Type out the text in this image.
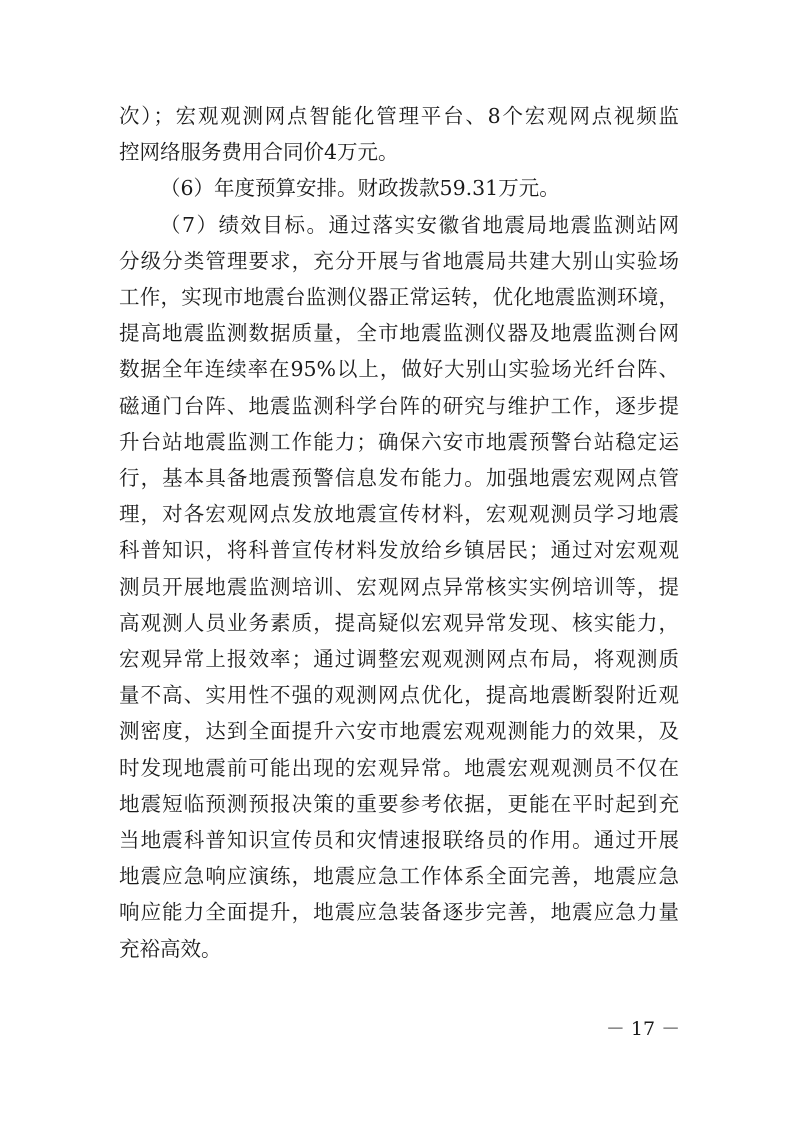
次）；宏观观测网点智能化管理平台、8个宏观网点视频监
控网络服务费用合同价4万元。
（6）年度预算安排。财政拨款59.31万元。
（7）绩效目标。通过落实安徽省地震局地震监测站网
分级分类管理要求，充分开展与省地震局共建大别山实验场
工作，实现市地震台监测仪器正常运转，优化地震监测环境，
提高地震监测数据质量，全市地震监测仪器及地震监测台网
数据全年连续率在95%以上，做好大别山实验场光纤台阵、
磁通门台阵、地震监测科学台阵的研究与维护工作，逐步提
升台站地震监测工作能力；确保六安市地震预警台站稳定运
行，基本具备地震预警信息发布能力。加强地震宏观网点管
理，对各宏观网点发放地震宣传材料，宏观观测员学习地震
科普知识，将科普宣传材料发放给乡镇居民；通过对宏观观
测员开展地震监测培训、宏观网点异常核实实例培训等，提
高观测人员业务素质，提高疑似宏观异常发现、核实能力，
宏观异常上报效率；通过调整宏观观测网点布局，将观测质
量不高、实用性不强的观测网点优化，提高地震断裂附近观
测密度，达到全面提升六安市地震宏观观测能力的效果，及
时发现地震前可能出现的宏观异常。地震宏观观测员不仅在
地震短临预测预报决策的重要参考依据，更能在平时起到充
当地震科普知识宣传员和灾情速报联络员的作用。通过开展
地震应急响应演练，地震应急工作体系全面完善，地震应急
响应能力全面提升，地震应急装备逐步完善，地震应急力量
充裕高效。
－ 17 －
